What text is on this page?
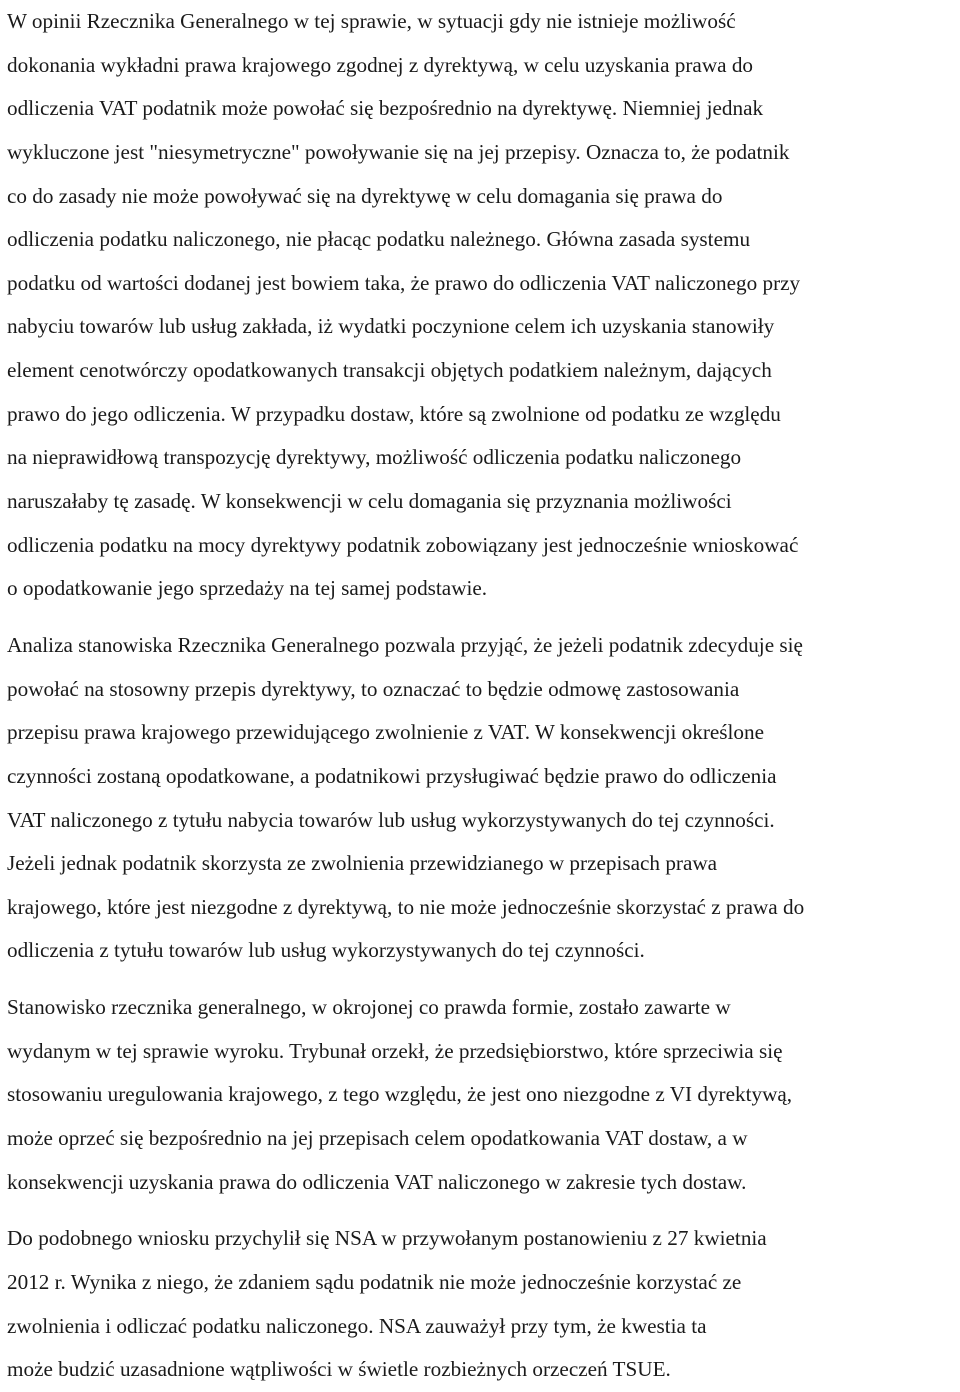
W opinii Rzecznika Generalnego w tej sprawie, w sytuacji gdy nie istnieje możliwość
dokonania wykładni prawa krajowego zgodnej z dyrektywą, w celu uzyskania prawa do
odliczenia VAT podatnik może powołać się bezpośrednio na dyrektywę. Niemniej jednak
wykluczone jest "niesymetryczne" powoływanie się na jej przepisy. Oznacza to, że podatnik
co do zasady nie może powoływać się na dyrektywę w celu domagania się prawa do
odliczenia podatku naliczonego, nie płacąc podatku należnego. Główna zasada systemu
podatku od wartości dodanej jest bowiem taka, że prawo do odliczenia VAT naliczonego przy
nabyciu towarów lub usług zakłada, iż wydatki poczynione celem ich uzyskania stanowiły
element cenotwórczy opodatkowanych transakcji objętych podatkiem należnym, dających
prawo do jego odliczenia. W przypadku dostaw, które są zwolnione od podatku ze względu
na nieprawidłową transpozycję dyrektywy, możliwość odliczenia podatku naliczonego
naruszałaby tę zasadę. W konsekwencji w celu domagania się przyznania możliwości
odliczenia podatku na mocy dyrektywy podatnik zobowiązany jest jednocześnie wnioskować
o opodatkowanie jego sprzedaży na tej samej podstawie.
Analiza stanowiska Rzecznika Generalnego pozwala przyjąć, że jeżeli podatnik zdecyduje się
powołać na stosowny przepis dyrektywy, to oznaczać to będzie odmowę zastosowania
przepisu prawa krajowego przewidującego zwolnienie z VAT. W konsekwencji określone
czynności zostaną opodatkowane, a podatnikowi przysługiwać będzie prawo do odliczenia
VAT naliczonego z tytułu nabycia towarów lub usług wykorzystywanych do tej czynności.
Jeżeli jednak podatnik skorzysta ze zwolnienia przewidzianego w przepisach prawa
krajowego, które jest niezgodne z dyrektywą, to nie może jednocześnie skorzystać z prawa do
odliczenia z tytułu towarów lub usług wykorzystywanych do tej czynności.
Stanowisko rzecznika generalnego, w okrojonej co prawda formie, zostało zawarte w
wydanym w tej sprawie wyroku. Trybunał orzekł, że przedsiębiorstwo, które sprzeciwia się
stosowaniu uregulowania krajowego, z tego względu, że jest ono niezgodne z VI dyrektywą,
może oprzeć się bezpośrednio na jej przepisach celem opodatkowania VAT dostaw, a w
konsekwencji uzyskania prawa do odliczenia VAT naliczonego w zakresie tych dostaw.
Do podobnego wniosku przychylił się NSA w przywołanym postanowieniu z 27 kwietnia
2012 r. Wynika z niego, że zdaniem sądu podatnik nie może jednocześnie korzystać ze
zwolnienia i odliczać podatku naliczonego. NSA zauważył przy tym, że kwestia ta
może budzić uzasadnione wątpliwości w świetle rozbieżnych orzeczeń TSUE.
